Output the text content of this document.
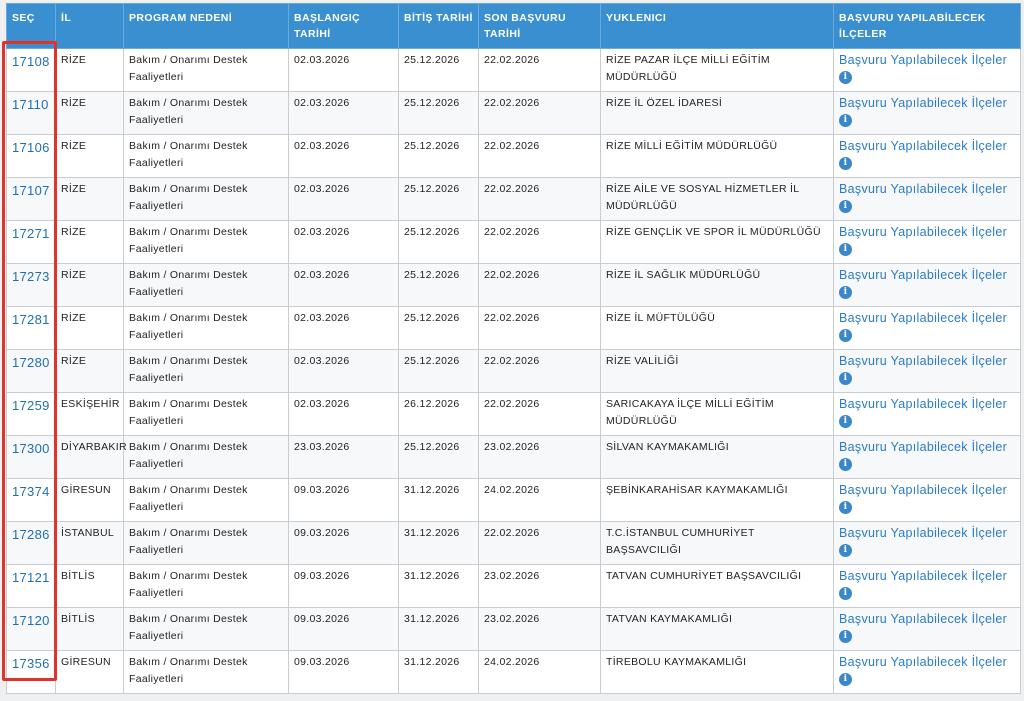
SEÇ	İL	PROGRAM NEDENİ	BAŞLANGIÇ TARİHİ	BİTİŞ TARİHİ	SON BAŞVURU TARİHİ	YUKLENICI	BAŞVURU YAPILABİLECEK İLÇELER
17108	RİZE	Bakım / Onarımı Destek Faaliyetleri	02.03.2026	25.12.2026	22.02.2026	RİZE PAZAR İLÇE MİLLİ EĞİTİM MÜDÜRLÜĞÜ	Başvuru Yapılabilecek İlçeler
i
17110	RİZE	Bakım / Onarımı Destek Faaliyetleri	02.03.2026	25.12.2026	22.02.2026	RİZE İL ÖZEL İDARESİ	Başvuru Yapılabilecek İlçeler
i
17106	RİZE	Bakım / Onarımı Destek Faaliyetleri	02.03.2026	25.12.2026	22.02.2026	RİZE MİLLİ EĞİTİM MÜDÜRLÜĞÜ	Başvuru Yapılabilecek İlçeler
i
17107	RİZE	Bakım / Onarımı Destek Faaliyetleri	02.03.2026	25.12.2026	22.02.2026	RİZE AİLE VE SOSYAL HİZMETLER İL MÜDÜRLÜĞÜ	Başvuru Yapılabilecek İlçeler
i
17271	RİZE	Bakım / Onarımı Destek Faaliyetleri	02.03.2026	25.12.2026	22.02.2026	RİZE GENÇLİK VE SPOR İL MÜDÜRLÜĞÜ	Başvuru Yapılabilecek İlçeler
i
17273	RİZE	Bakım / Onarımı Destek Faaliyetleri	02.03.2026	25.12.2026	22.02.2026	RİZE İL SAĞLIK MÜDÜRLÜĞÜ	Başvuru Yapılabilecek İlçeler
i
17281	RİZE	Bakım / Onarımı Destek Faaliyetleri	02.03.2026	25.12.2026	22.02.2026	RİZE İL MÜFTÜLÜĞÜ	Başvuru Yapılabilecek İlçeler
i
17280	RİZE	Bakım / Onarımı Destek Faaliyetleri	02.03.2026	25.12.2026	22.02.2026	RİZE VALİLİĞİ	Başvuru Yapılabilecek İlçeler
i
17259	ESKİŞEHİR	Bakım / Onarımı Destek Faaliyetleri	02.03.2026	26.12.2026	22.02.2026	SARICAKAYA İLÇE MİLLİ EĞİTİM MÜDÜRLÜĞÜ	Başvuru Yapılabilecek İlçeler
i
17300	DİYARBAKIR	Bakım / Onarımı Destek Faaliyetleri	23.03.2026	25.12.2026	23.02.2026	SİLVAN KAYMAKAMLIĞI	Başvuru Yapılabilecek İlçeler
i
17374	GİRESUN	Bakım / Onarımı Destek Faaliyetleri	09.03.2026	31.12.2026	24.02.2026	ŞEBİNKARAHİSAR KAYMAKAMLIĞI	Başvuru Yapılabilecek İlçeler
i
17286	İSTANBUL	Bakım / Onarımı Destek Faaliyetleri	09.03.2026	31.12.2026	22.02.2026	T.C.İSTANBUL CUMHURİYET BAŞSAVCILIĞI	Başvuru Yapılabilecek İlçeler
i
17121	BİTLİS	Bakım / Onarımı Destek Faaliyetleri	09.03.2026	31.12.2026	23.02.2026	TATVAN CUMHURİYET BAŞSAVCILIĞI	Başvuru Yapılabilecek İlçeler
i
17120	BİTLİS	Bakım / Onarımı Destek Faaliyetleri	09.03.2026	31.12.2026	23.02.2026	TATVAN KAYMAKAMLIĞI	Başvuru Yapılabilecek İlçeler
i
17356	GİRESUN	Bakım / Onarımı Destek Faaliyetleri	09.03.2026	31.12.2026	24.02.2026	TİREBOLU KAYMAKAMLIĞI	Başvuru Yapılabilecek İlçeler
i
